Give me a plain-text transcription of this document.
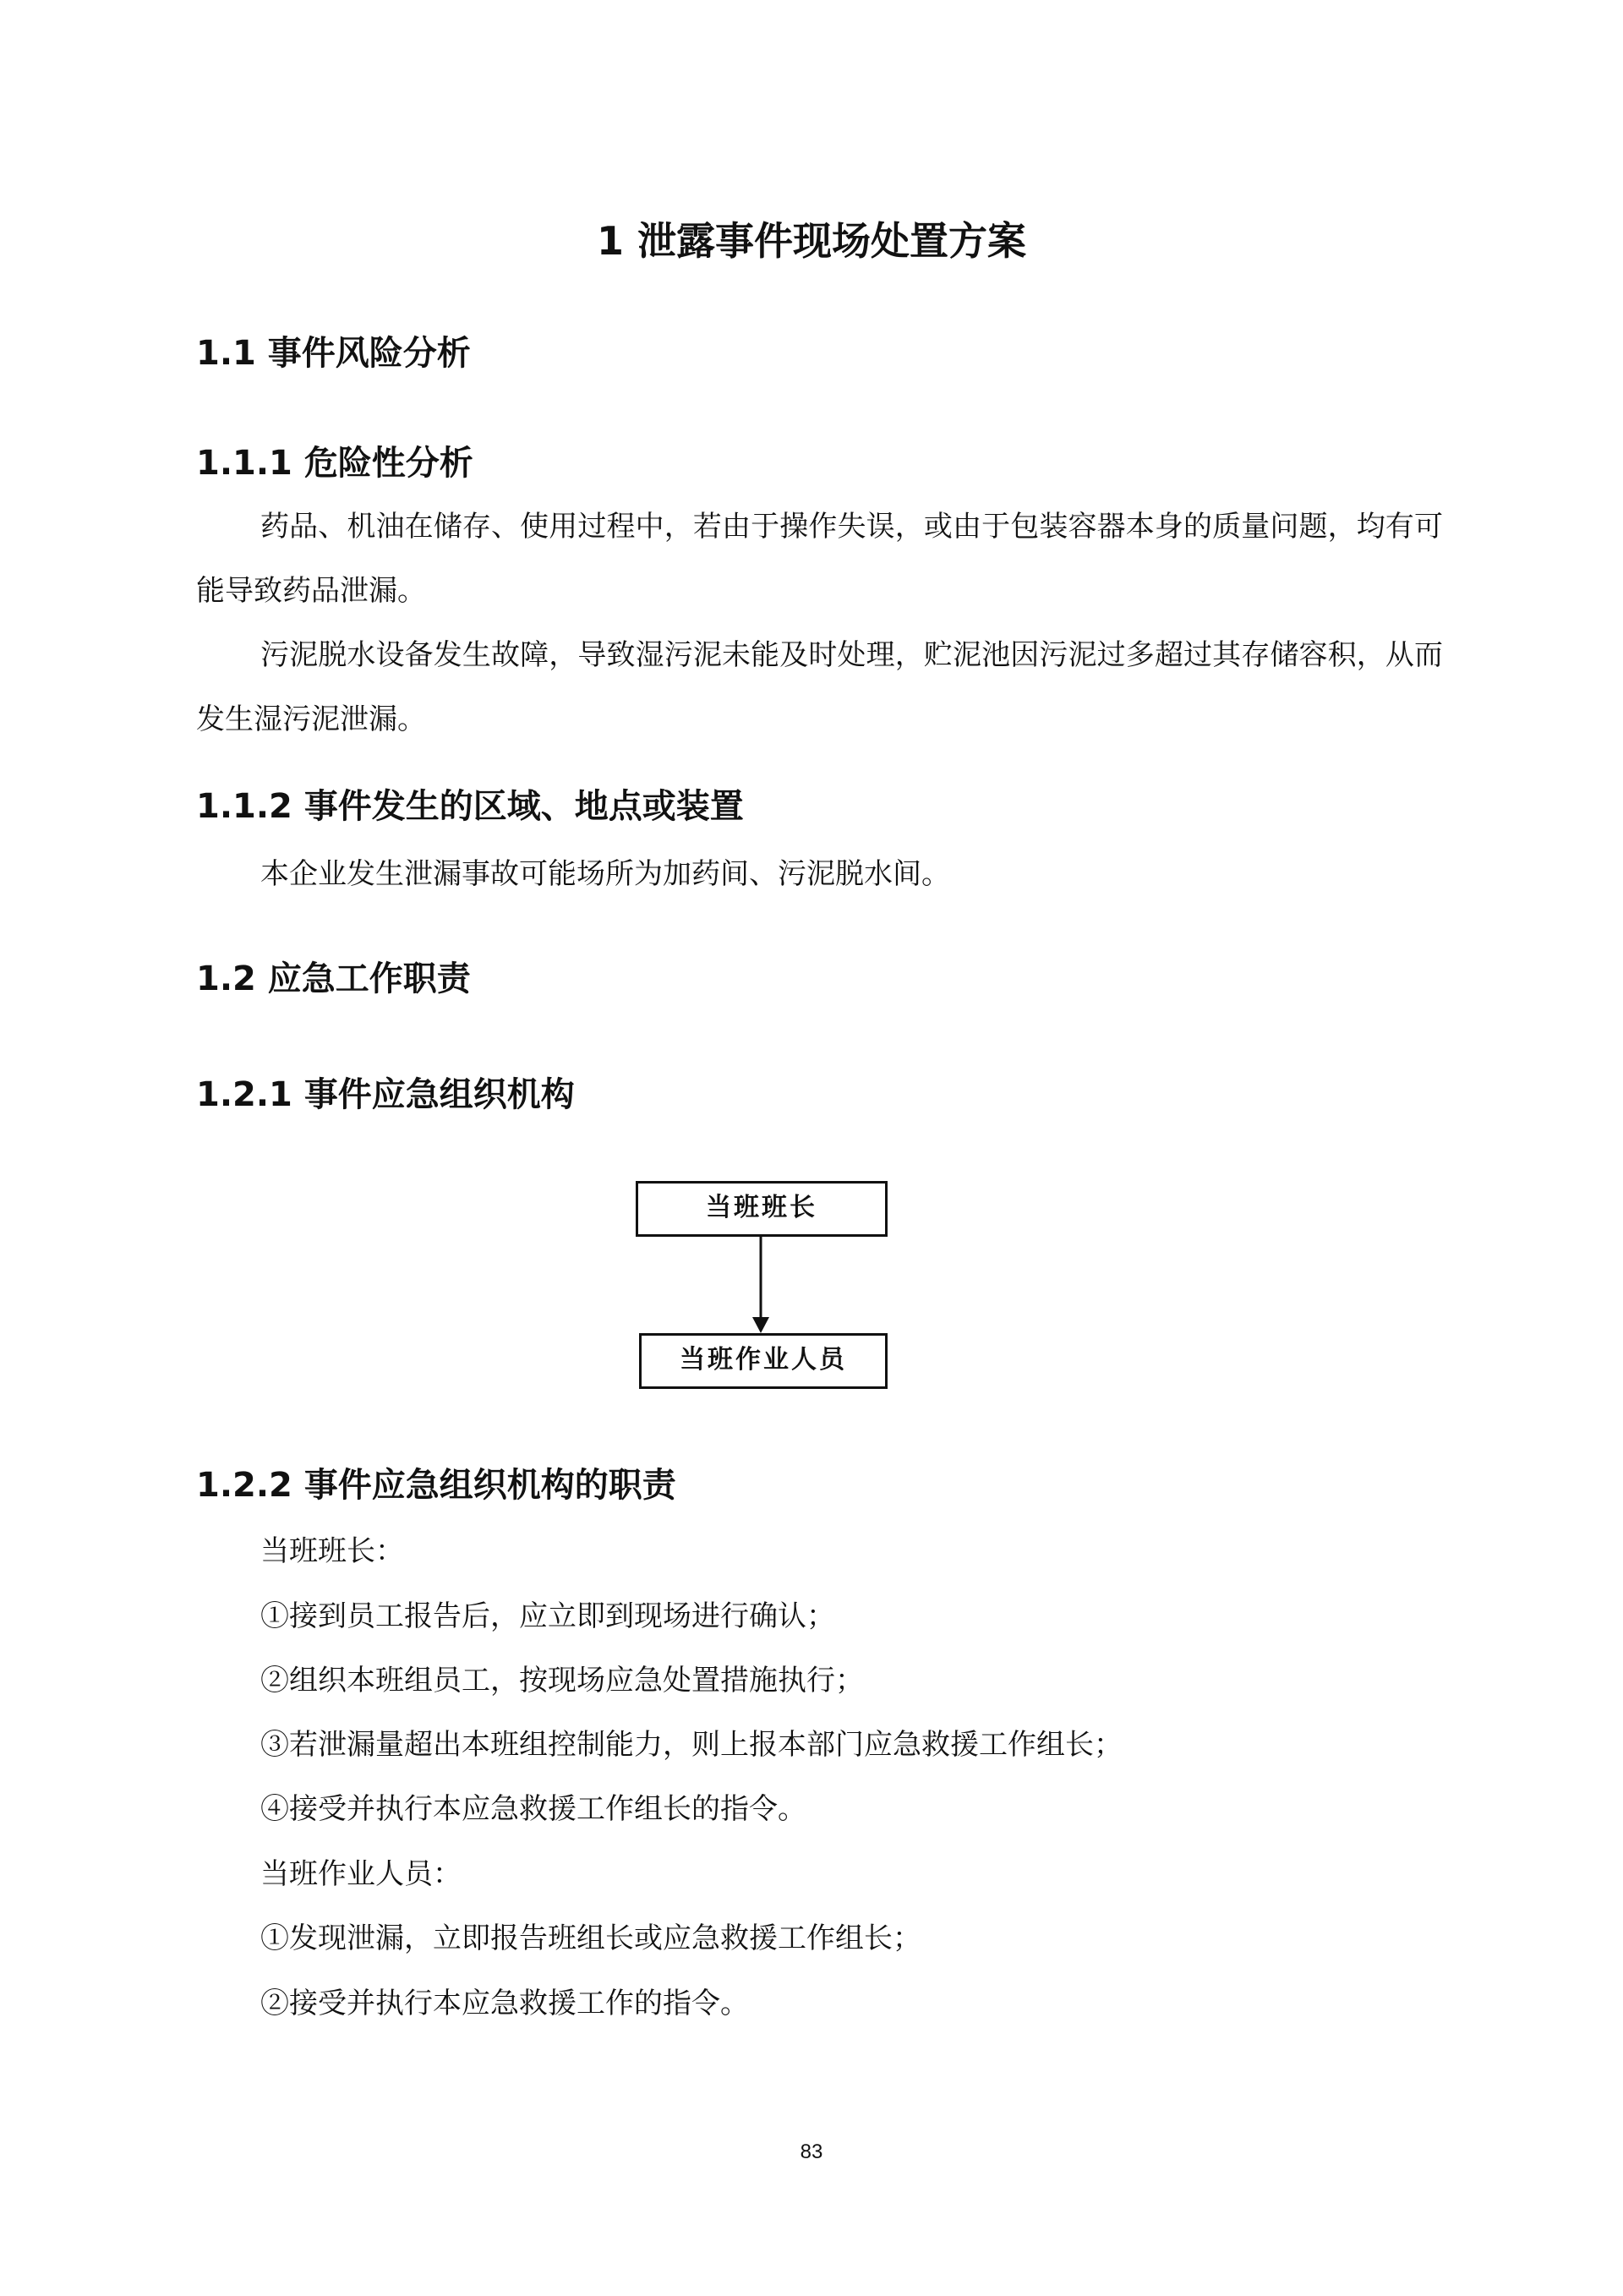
1 泄露事件现场处置方案
1.1 事件风险分析
1.1.1 危险性分析

药品、机油在储存、使用过程中，若由于操作失误，或由于包装容器本身的质量问题，均有可能导致药品泄漏。

污泥脱水设备发生故障，导致湿污泥未能及时处理，贮泥池因污泥过多超过其存储容积，从而发生湿污泥泄漏。

1.1.2 事件发生的区域、地点或装置

本企业发生泄漏事故可能场所为加药间、污泥脱水间。

1.2 应急工作职责
1.2.1 事件应急组织机构
当班班长
当班作业人员
1.2.2 事件应急组织机构的职责

当班班长：

①接到员工报告后，应立即到现场进行确认；

②组织本班组员工，按现场应急处置措施执行；

③若泄漏量超出本班组控制能力，则上报本部门应急救援工作组长；

④接受并执行本应急救援工作组长的指令。

当班作业人员：

①发现泄漏，立即报告班组长或应急救援工作组长；

②接受并执行本应急救援工作的指令。

83
